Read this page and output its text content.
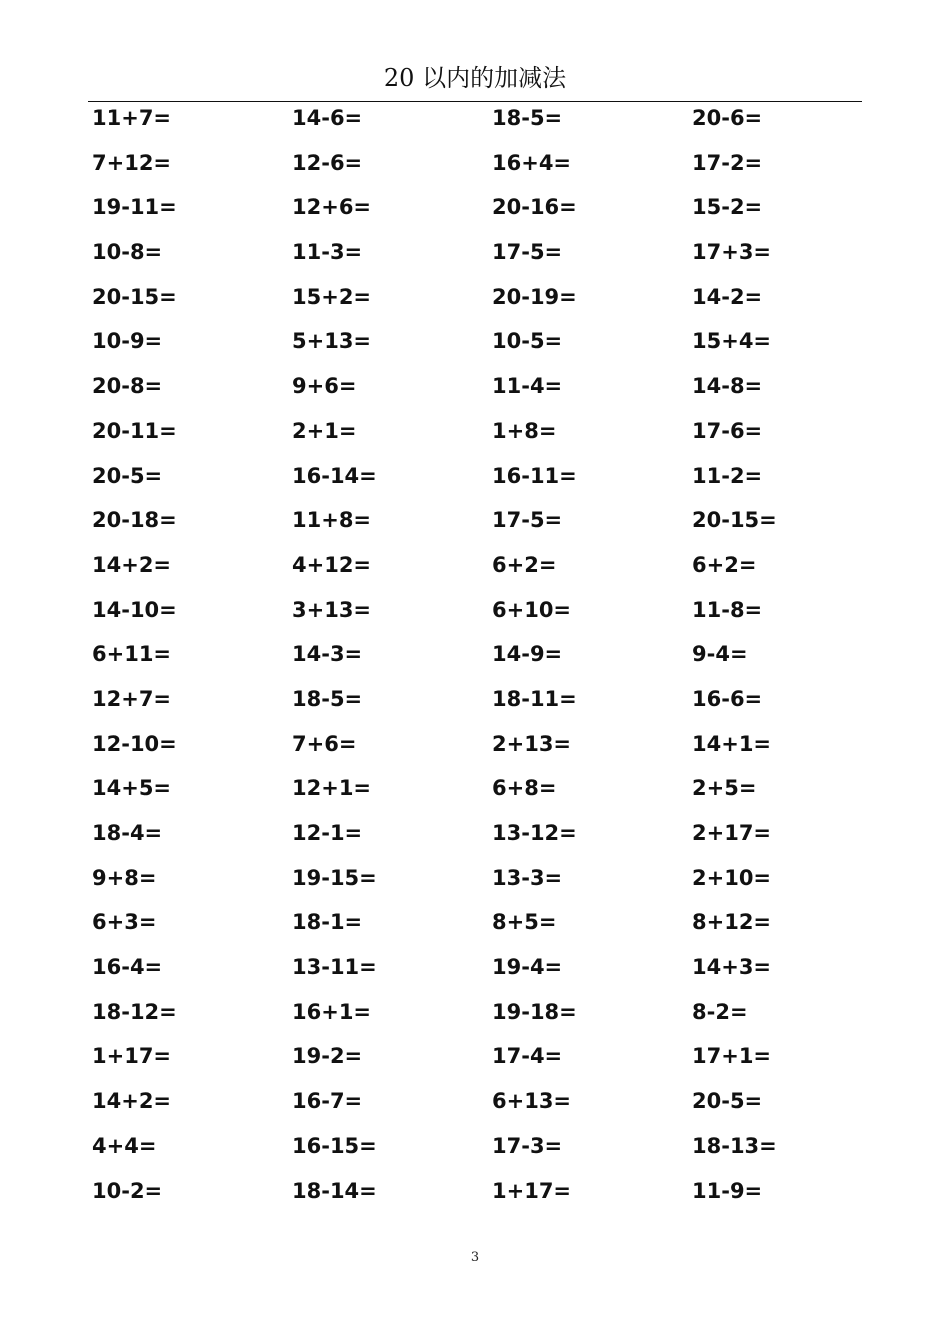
20 以内的加减法
11+7=	14-6=	18-5=	20-6=
7+12=	12-6=	16+4=	17-2=
19-11=	12+6=	20-16=	15-2=
10-8=	11-3=	17-5=	17+3=
20-15=	15+2=	20-19=	14-2=
10-9=	5+13=	10-5=	15+4=
20-8=	9+6=	11-4=	14-8=
20-11=	2+1=	1+8=	17-6=
20-5=	16-14=	16-11=	11-2=
20-18=	11+8=	17-5=	20-15=
14+2=	4+12=	6+2=	6+2=
14-10=	3+13=	6+10=	11-8=
6+11=	14-3=	14-9=	9-4=
12+7=	18-5=	18-11=	16-6=
12-10=	7+6=	2+13=	14+1=
14+5=	12+1=	6+8=	2+5=
18-4=	12-1=	13-12=	2+17=
9+8=	19-15=	13-3=	2+10=
6+3=	18-1=	8+5=	8+12=
16-4=	13-11=	19-4=	14+3=
18-12=	16+1=	19-18=	8-2=
1+17=	19-2=	17-4=	17+1=
14+2=	16-7=	6+13=	20-5=
4+4=	16-15=	17-3=	18-13=
10-2=	18-14=	1+17=	11-9=
3
